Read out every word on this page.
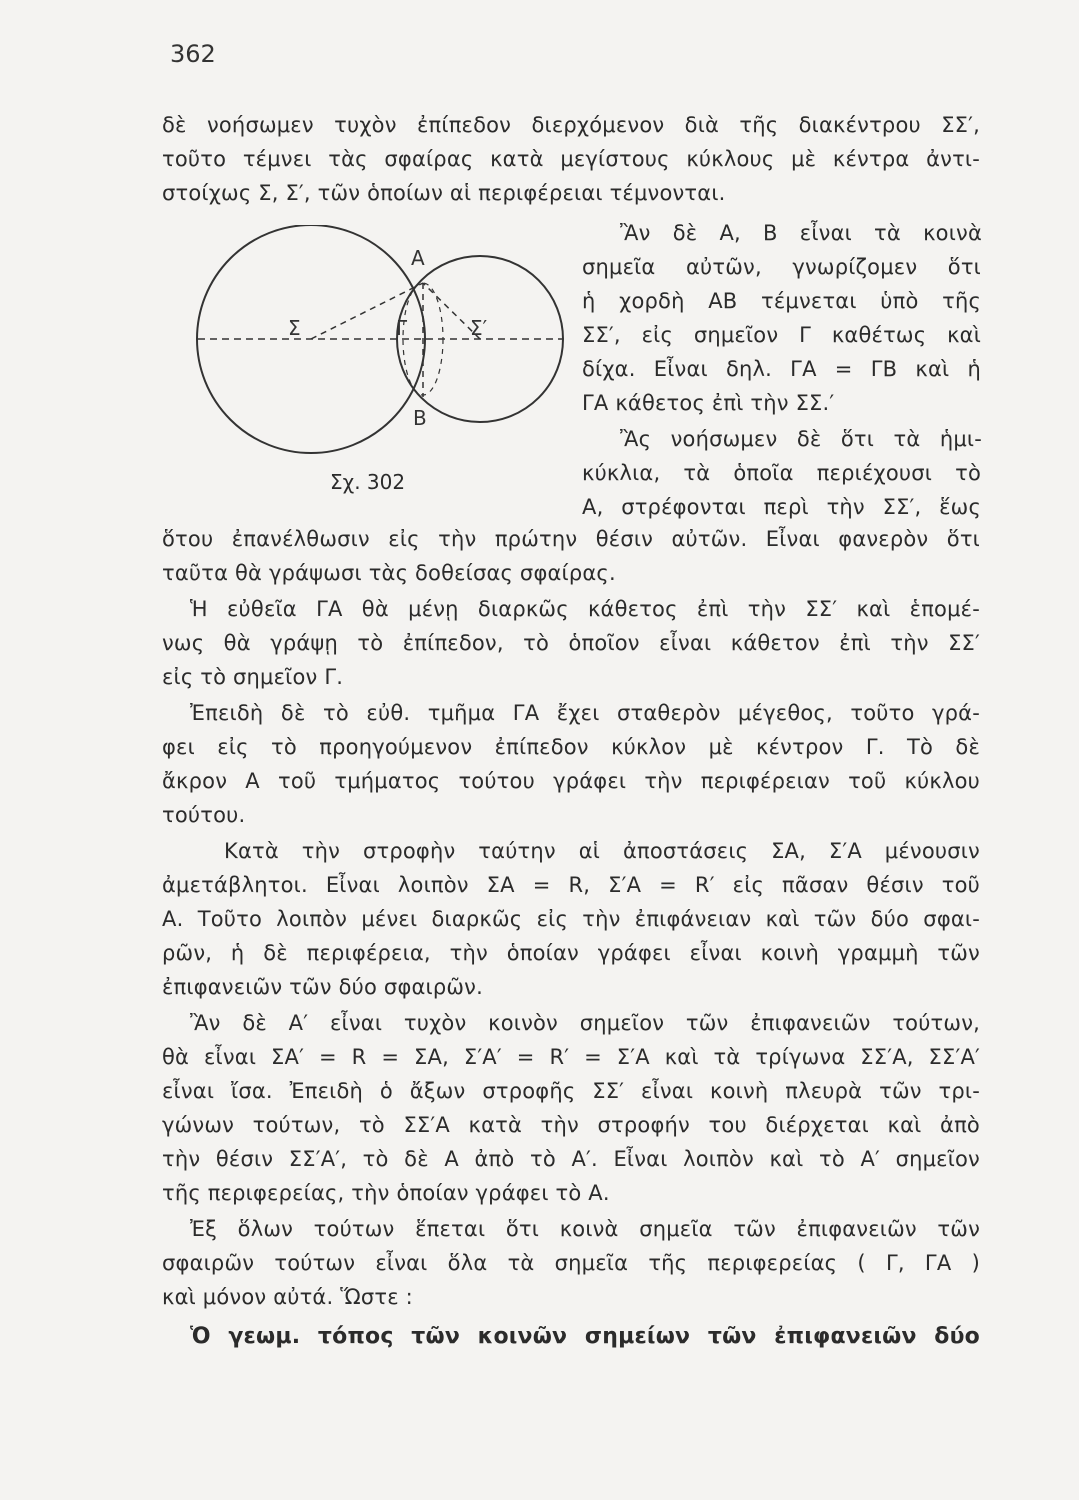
362
δὲ νοήσωμεν τυχὸν ἐπίπεδον διερχόμενον διὰ τῆς διακέντρου ΣΣ′,
τοῦτο τέμνει τὰς σφαίρας κατὰ μεγίστους κύκλους μὲ κέντρα ἀντι-
στοίχως Σ, Σ′, τῶν ὁποίων αἱ περιφέρειαι τέμνονται.
Ἂν δὲ Α, Β εἶναι τὰ κοινὰ
σημεῖα αὐτῶν, γνωρίζομεν ὅτι
ἡ χορδὴ ΑΒ τέμνεται ὑπὸ τῆς
ΣΣ′, εἰς σημεῖον Γ καθέτως καὶ
δίχα. Εἶναι δηλ. ΓΑ = ΓΒ καὶ ἡ
ΓΑ κάθετος ἐπὶ τὴν ΣΣ.′
Ἂς νοήσωμεν δὲ ὅτι τὰ ἡμι-
κύκλια, τὰ ὁποῖα περιέχουσι τὸ
Α, στρέφονται περὶ τὴν ΣΣ′, ἕως
A
B
Σ	Σ′
Γ
Σχ. 302
ὅτου ἐπανέλθωσιν εἰς τὴν πρώτην θέσιν αὐτῶν. Εἶναι φανερὸν ὅτι
ταῦτα θὰ γράψωσι τὰς δοθείσας σφαίρας.
Ἡ εὐθεῖα ΓΑ θὰ μένῃ διαρκῶς κάθετος ἐπὶ τὴν ΣΣ′ καὶ ἑπομέ-
νως θὰ γράψῃ τὸ ἐπίπεδον, τὸ ὁποῖον εἶναι κάθετον ἐπὶ τὴν ΣΣ′
εἰς τὸ σημεῖον Γ.
Ἐπειδὴ δὲ τὸ εὐθ. τμῆμα ΓΑ ἔχει σταθερὸν μέγεθος, τοῦτο γρά-
φει εἰς τὸ προηγούμενον ἐπίπεδον κύκλον μὲ κέντρον Γ. Τὸ δὲ
ἄκρον Α τοῦ τμήματος τούτου γράφει τὴν περιφέρειαν τοῦ κύκλου
τούτου.
Κατὰ τὴν στροφὴν ταύτην αἱ ἀποστάσεις ΣΑ, Σ′Α μένουσιν
ἀμετάβλητοι. Εἶναι λοιπὸν ΣΑ = R, Σ′Α = R′ εἰς πᾶσαν θέσιν τοῦ
Α. Τοῦτο λοιπὸν μένει διαρκῶς εἰς τὴν ἐπιφάνειαν καὶ τῶν δύο σφαι-
ρῶν, ἡ δὲ περιφέρεια, τὴν ὁποίαν γράφει εἶναι κοινὴ γραμμὴ τῶν
ἐπιφανειῶν τῶν δύο σφαιρῶν.
Ἂν δὲ Α′ εἶναι τυχὸν κοινὸν σημεῖον τῶν ἐπιφανειῶν τούτων,
θὰ εἶναι ΣΑ′ = R = ΣΑ, Σ′Α′ = R′ = Σ′Α καὶ τὰ τρίγωνα ΣΣ′Α, ΣΣ′Α′
εἶναι ἴσα. Ἐπειδὴ ὁ ἄξων στροφῆς ΣΣ′ εἶναι κοινὴ πλευρὰ τῶν τρι-
γώνων τούτων, τὸ ΣΣ′Α κατὰ τὴν στροφήν του διέρχεται καὶ ἀπὸ
τὴν θέσιν ΣΣ′Α′, τὸ δὲ Α ἀπὸ τὸ Α′. Εἶναι λοιπὸν καὶ τὸ Α′ σημεῖον
τῆς περιφερείας, τὴν ὁποίαν γράφει τὸ Α.
Ἐξ ὅλων τούτων ἕπεται ὅτι κοινὰ σημεῖα τῶν ἐπιφανειῶν τῶν
σφαιρῶν τούτων εἶναι ὅλα τὰ σημεῖα τῆς περιφερείας ( Γ, ΓΑ )
καὶ μόνον αὐτά. Ὥστε :
Ὁ γεωμ. τόπος τῶν κοινῶν σημείων τῶν ἐπιφανειῶν δύο
